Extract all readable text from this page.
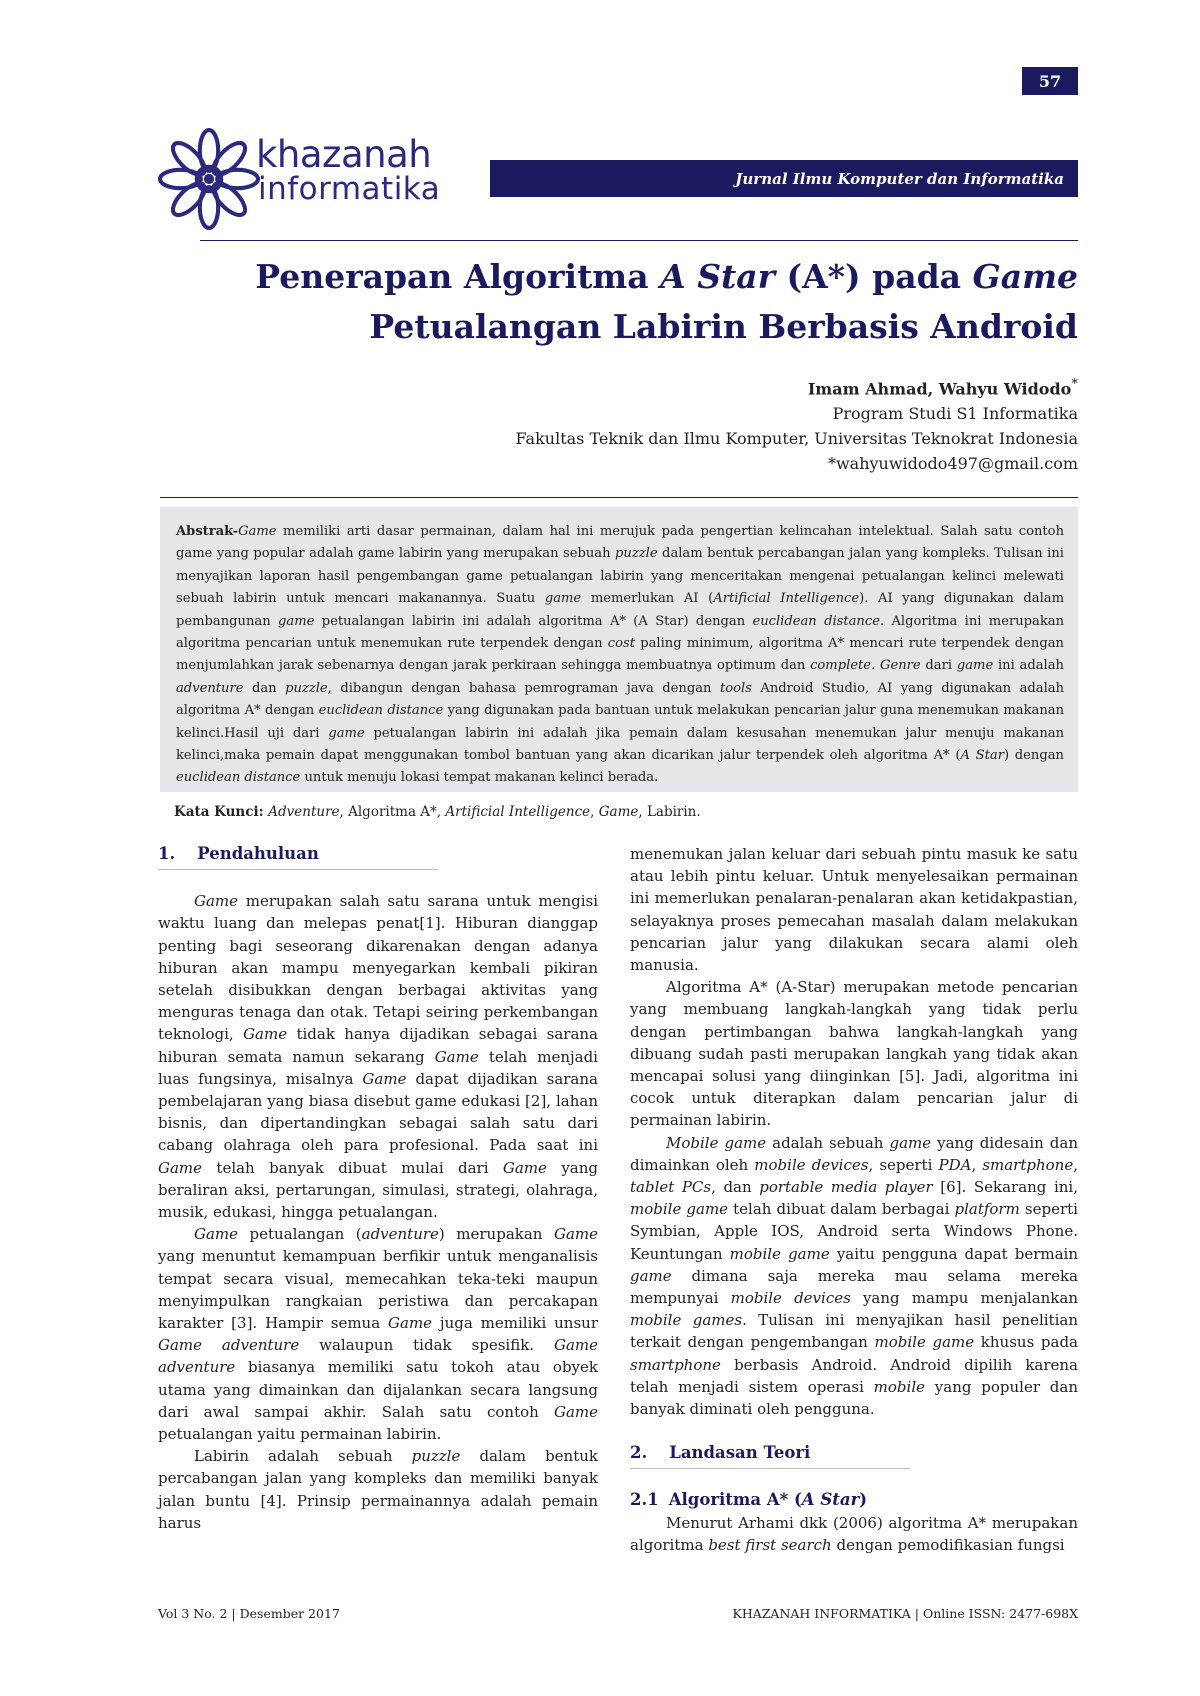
57
khazanah
informatika	Jurnal Ilmu Komputer dan Informatika
Penerapan Algoritma A Star (A*) pada Game
Petualangan Labirin Berbasis Android
Imam Ahmad, Wahyu Widodo*
Program Studi S1 Informatika
Fakultas Teknik dan Ilmu Komputer, Universitas Teknokrat Indonesia
*wahyuwidodo497@gmail.com
Abstrak-Game memiliki arti dasar permainan, dalam hal ini merujuk pada pengertian kelincahan intelektual. Salah satu contoh game yang popular adalah game labirin yang merupakan sebuah puzzle dalam bentuk percabangan jalan yang kompleks. Tulisan ini menyajikan laporan hasil pengembangan game petualangan labirin yang menceritakan mengenai petualangan kelinci melewati sebuah labirin untuk mencari makanannya. Suatu game memerlukan AI (Artificial Intelligence). AI yang digunakan dalam pembangunan game petualangan labirin ini adalah algoritma A* (A Star) dengan euclidean distance. Algoritma ini merupakan algoritma pencarian untuk menemukan rute terpendek dengan cost paling minimum, algoritma A* mencari rute terpendek dengan menjumlahkan jarak sebenarnya dengan jarak perkiraan sehingga membuatnya optimum dan complete. Genre dari game ini adalah adventure dan puzzle, dibangun dengan bahasa pemrograman java dengan tools Android Studio, AI yang digunakan adalah algoritma A* dengan euclidean distance yang digunakan pada bantuan untuk melakukan pencarian jalur guna menemukan makanan kelinci.Hasil uji dari game petualangan labirin ini adalah jika pemain dalam kesusahan menemukan jalur menuju makanan kelinci,maka pemain dapat menggunakan tombol bantuan yang akan dicarikan jalur terpendek oleh algoritma A* (A Star) dengan euclidean distance untuk menuju lokasi tempat makanan kelinci berada.
Kata Kunci: Adventure, Algoritma A*, Artificial Intelligence, Game, Labirin.
1. Pendahuluan

Game merupakan salah satu sarana untuk mengisi waktu luang dan melepas penat[1]. Hiburan dianggap penting bagi seseorang dikarenakan dengan adanya hiburan akan mampu menyegarkan kembali pikiran setelah disibukkan dengan berbagai aktivitas yang menguras tenaga dan otak. Tetapi seiring perkembangan teknologi, Game tidak hanya dijadikan sebagai sarana hiburan semata namun sekarang Game telah menjadi luas fungsinya, misalnya Game dapat dijadikan sarana pembelajaran yang biasa disebut game edukasi [2], lahan bisnis, dan dipertandingkan sebagai salah satu dari cabang olahraga oleh para profesional. Pada saat ini Game telah banyak dibuat mulai dari Game yang beraliran aksi, pertarungan, simulasi, strategi, olahraga, musik, edukasi, hingga petualangan.

Game petualangan (adventure) merupakan Game yang menuntut kemampuan berfikir untuk menganalisis tempat secara visual, memecahkan teka-teki maupun menyimpulkan rangkaian peristiwa dan percakapan karakter [3]. Hampir semua Game juga memiliki unsur Game adventure walaupun tidak spesifik. Game adventure biasanya memiliki satu tokoh atau obyek utama yang dimainkan dan dijalankan secara langsung dari awal sampai akhir. Salah satu contoh Game petualangan yaitu permainan labirin.

Labirin adalah sebuah puzzle dalam bentuk percabangan jalan yang kompleks dan memiliki banyak jalan buntu [4]. Prinsip permainannya adalah pemain harus

menemukan jalan keluar dari sebuah pintu masuk ke satu atau lebih pintu keluar. Untuk menyelesaikan permainan ini memerlukan penalaran-penalaran akan ketidakpastian, selayaknya proses pemecahan masalah dalam melakukan pencarian jalur yang dilakukan secara alami oleh manusia.

Algoritma A* (A-Star) merupakan metode pencarian yang membuang langkah-langkah yang tidak perlu dengan pertimbangan bahwa langkah-langkah yang dibuang sudah pasti merupakan langkah yang tidak akan mencapai solusi yang diinginkan [5]. Jadi, algoritma ini cocok untuk diterapkan dalam pencarian jalur di permainan labirin.

Mobile game adalah sebuah game yang didesain dan dimainkan oleh mobile devices, seperti PDA, smartphone, tablet PCs, dan portable media player [6]. Sekarang ini, mobile game telah dibuat dalam berbagai platform seperti Symbian, Apple IOS, Android serta Windows Phone. Keuntungan mobile game yaitu pengguna dapat bermain game dimana saja mereka mau selama mereka mempunyai mobile devices yang mampu menjalankan mobile games. Tulisan ini menyajikan hasil penelitian terkait dengan pengembangan mobile game khusus pada smartphone berbasis Android. Android dipilih karena telah menjadi sistem operasi mobile yang populer dan banyak diminati oleh pengguna.

2. Landasan Teori
2.1 Algoritma A* (A Star)

Menurut Arhami dkk (2006) algoritma A* merupakan algoritma best first search dengan pemodifikasian fungsi

Vol 3 No. 2 | Desember 2017	KHAZANAH INFORMATIKA | Online ISSN: 2477-698X
